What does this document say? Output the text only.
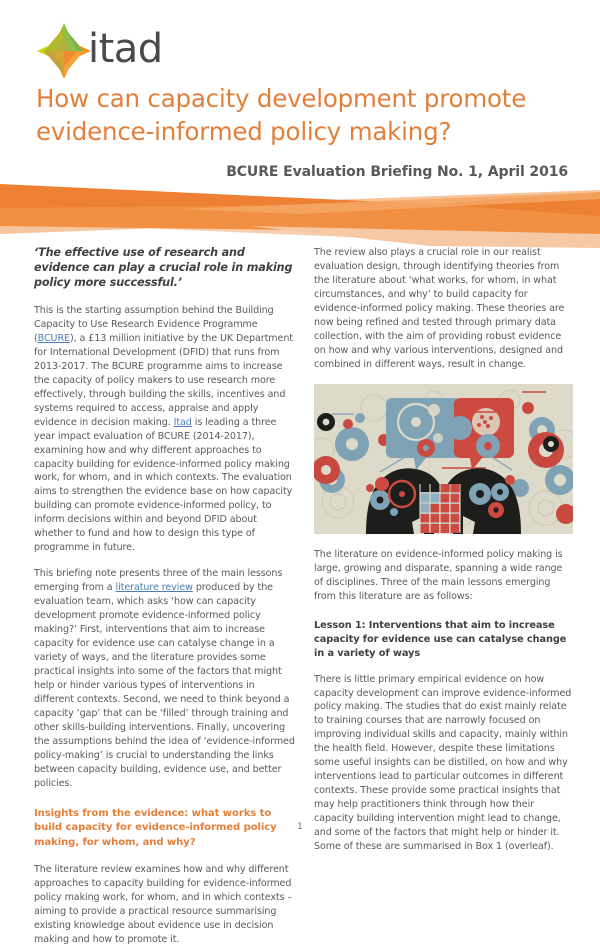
itad
How can capacity development promote evidence-informed policy making?
BCURE Evaluation Briefing No. 1, April 2016

‘The effective use of research and evidence can play a crucial role in making policy more successful.’

This is the starting assumption behind the Building Capacity to Use Research Evidence Programme (BCURE), a £13 million initiative by the UK Department for International Development (DFID) that runs from 2013-2017. The BCURE programme aims to increase the capacity of policy makers to use research more effectively, through building the skills, incentives and systems required to access, appraise and apply evidence in decision making. Itad is leading a three year impact evaluation of BCURE (2014-2017), examining how and why different approaches to capacity building for evidence-informed policy making work, for whom, and in which contexts. The evaluation aims to strengthen the evidence base on how capacity building can promote evidence-informed policy, to inform decisions within and beyond DFID about whether to fund and how to design this type of programme in future.

This briefing note presents three of the main lessons emerging from a literature review produced by the evaluation team, which asks ‘how can capacity development promote evidence-informed policy making?’ First, interventions that aim to increase capacity for evidence use can catalyse change in a variety of ways, and the literature provides some practical insights into some of the factors that might help or hinder various types of interventions in different contexts. Second, we need to think beyond a capacity ‘gap’ that can be ‘filled’ through training and other skills-building interventions. Finally, uncovering the assumptions behind the idea of ‘evidence-informed policy-making’ is crucial to understanding the links between capacity building, evidence use, and better policies.

Insights from the evidence: what works to build capacity for evidence-informed policy making, for whom, and why?

The literature review examines how and why different approaches to capacity building for evidence-informed policy making work, for whom, and in which contexts – aiming to provide a practical resource summarising existing knowledge about evidence use in decision making and how to promote it.

The review also plays a crucial role in our realist evaluation design, through identifying theories from the literature about ‘what works, for whom, in what circumstances, and why’ to build capacity for evidence-informed policy making. These theories are now being refined and tested through primary data collection, with the aim of providing robust evidence on how and why various interventions, designed and combined in different ways, result in change.

The literature on evidence-informed policy making is large, growing and disparate, spanning a wide range of disciplines. Three of the main lessons emerging from this literature are as follows:

Lesson 1: Interventions that aim to increase capacity for evidence use can catalyse change in a variety of ways

There is little primary empirical evidence on how capacity development can improve evidence-informed policy making. The studies that do exist mainly relate to training courses that are narrowly focused on improving individual skills and capacity, mainly within the health field. However, despite these limitations some useful insights can be distilled, on how and why interventions lead to particular outcomes in different contexts. These provide some practical insights that may help practitioners think through how their capacity building intervention might lead to change, and some of the factors that might help or hinder it. Some of these are summarised in Box 1 (overleaf).

1
